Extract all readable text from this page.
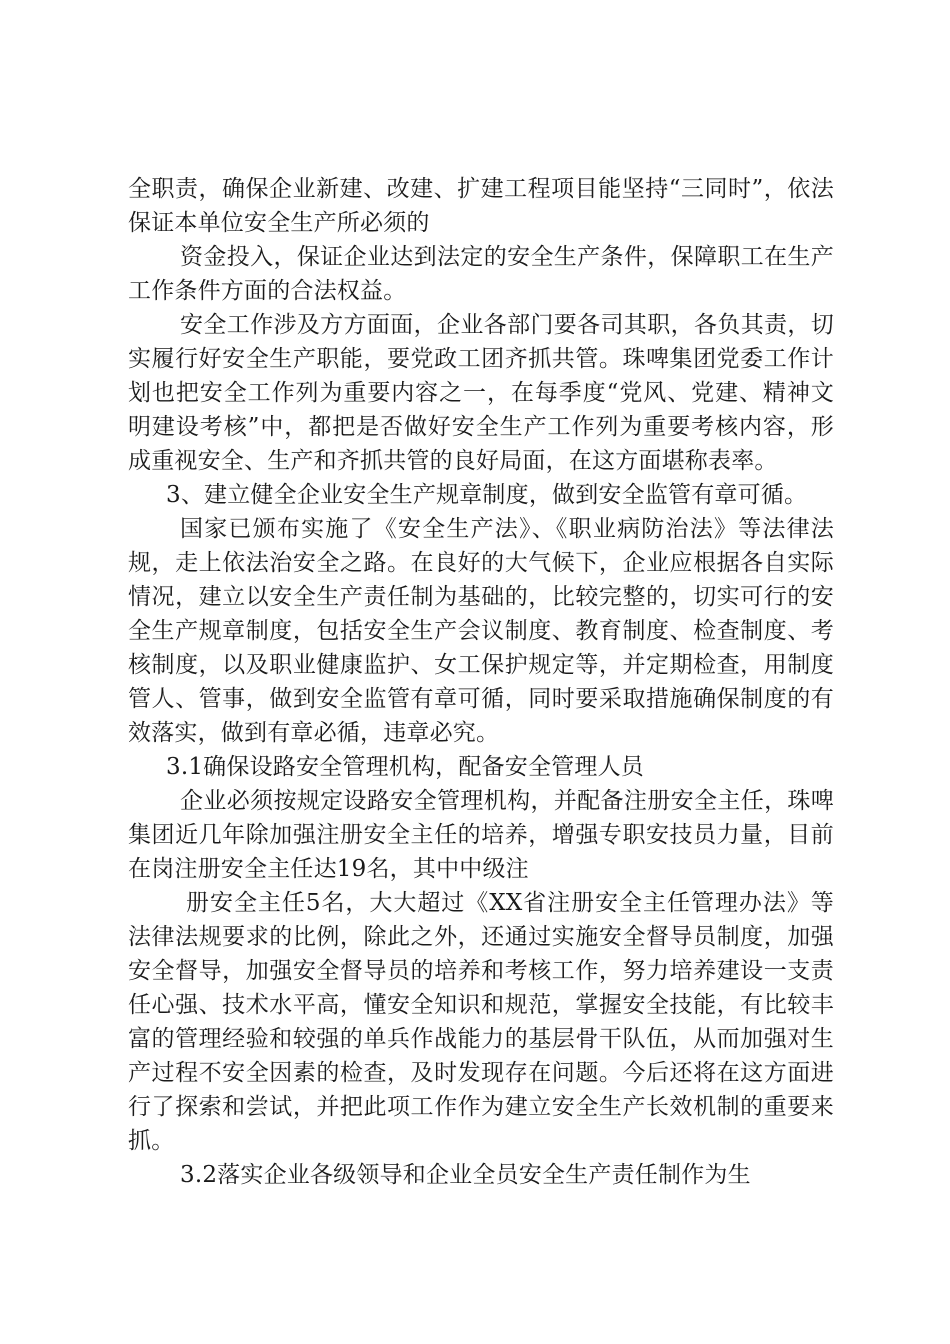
全职责，确保企业新建、改建、扩建工程项目能坚持“三同时”，依法保证本单位安全生产所必须的

资金投入，保证企业达到法定的安全生产条件，保障职工在生产工作条件方面的合法权益。

安全工作涉及方方面面，企业各部门要各司其职，各负其责，切实履行好安全生产职能，要党政工团齐抓共管。珠啤集团党委工作计划也把安全工作列为重要内容之一，在每季度“党风、党建、精神文明建设考核”中，都把是否做好安全生产工作列为重要考核内容，形成重视安全、生产和齐抓共管的良好局面，在这方面堪称表率。

3、建立健全企业安全生产规章制度，做到安全监管有章可循。

国家已颁布实施了《安全生产法》、《职业病防治法》等法律法规，走上依法治安全之路。在良好的大气候下，企业应根据各自实际情况，建立以安全生产责任制为基础的，比较完整的，切实可行的安全生产规章制度，包括安全生产会议制度、教育制度、检查制度、考核制度，以及职业健康监护、女工保护规定等，并定期检查，用制度管人、管事，做到安全监管有章可循，同时要采取措施确保制度的有效落实，做到有章必循，违章必究。

3.1确保设路安全管理机构，配备安全管理人员

企业必须按规定设路安全管理机构，并配备注册安全主任，珠啤集团近几年除加强注册安全主任的培养，增强专职安技员力量，目前在岗注册安全主任达19名，其中中级注

册安全主任5名，大大超过《XX省注册安全主任管理办法》等法律法规要求的比例，除此之外，还通过实施安全督导员制度，加强安全督导，加强安全督导员的培养和考核工作，努力培养建设一支责任心强、技术水平高，懂安全知识和规范，掌握安全技能，有比较丰富的管理经验和较强的单兵作战能力的基层骨干队伍，从而加强对生产过程不安全因素的检查，及时发现存在问题。今后还将在这方面进行了探索和尝试，并把此项工作作为建立安全生产长效机制的重要来抓。

3.2落实企业各级领导和企业全员安全生产责任制作为生
